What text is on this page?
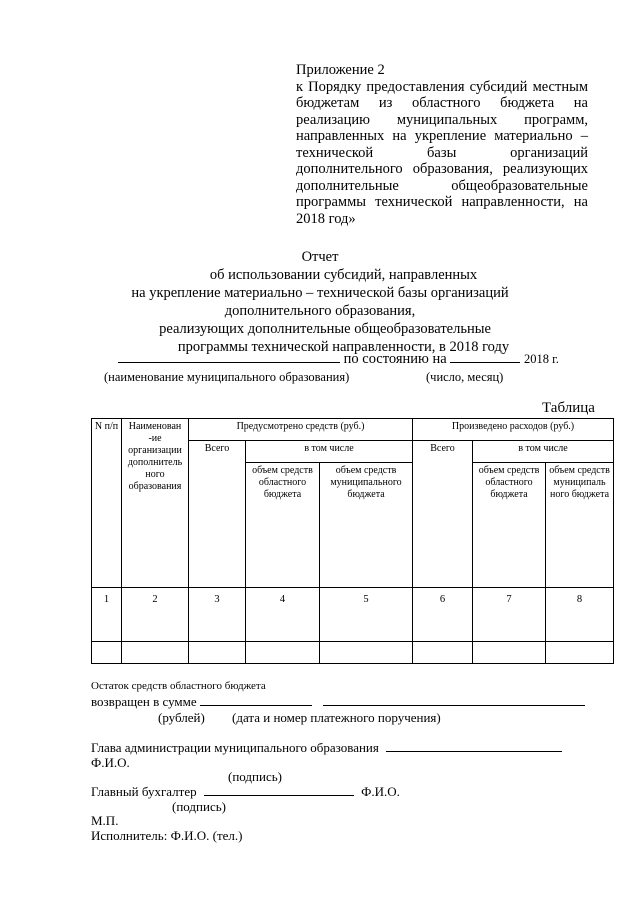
Приложение 2
к Порядку предоставления субсидий местным бюджетам из областного бюджета на реализацию муниципальных программ, направленных на укрепление материально – технической базы организаций дополнительного образования, реализующих дополнительные общеобразовательные программы технической направленности, на 2018 год»
Отчет
об использовании субсидий, направленных
на укрепление материально – технической базы организаций
дополнительного образования,
реализующих дополнительные общеобразовательные
программы технической направленности, в 2018 году
по состоянию на	2018 г.
(наименование муниципального образования)	(число, месяц)
Таблица
N п/п	Наименован -ие организации дополнитель ного образования	Предусмотрено средств (руб.)			Произведено расходов (руб.)		
		Всего	в том числе		Всего	в том числе	
			объем средств областного бюджета	объем средств муниципального бюджета		объем средств областного бюджета	объем средств муниципаль ного бюджета
1	2	3	4	5	6	7	8

Остаток средств областного бюджета
возвращен в сумме
(рублей) (дата и номер платежного поручения)
Глава администрации муниципального образования
Ф.И.О.
(подпись)
Главный бухгалтер	Ф.И.О.
(подпись)
М.П.
Исполнитель: Ф.И.О. (тел.)
